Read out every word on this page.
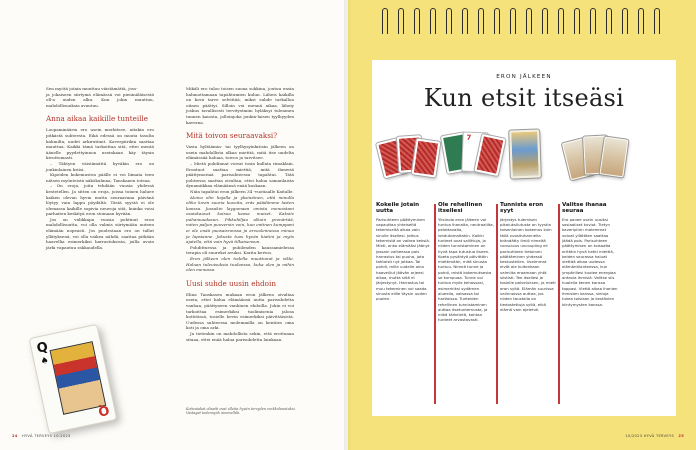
Sen myötä jotain muuttuu väistämättä, joss-

ja jokaiseen siirtymä elämässä voi pieninäläisestä oll-a uuden alku. Kun jokin muuttuu, mahdollisuuksia avautuu.

Anna aikaa kaikille tunteille

Loopaminäärin ero usein merkitsee, aitakin ero pitkästä suhteesta. Eikä edessä on muuta tasulta kahmilta, uudet arkirutiinit. Kaverpiirikin saattaa muuttua. Kaikki tämä tarkoittaa sitä, ettei mentä äänelle pyydettyinnon useinkaan käy täysin kivuttomasti.

– Tähtyen väistämättä hyväkin ero on jonkinlainen kriisi.

Kipeiden kokemusten päälle ei voi liimata teen nätsen myönteistä näkökulmaa, Tanskanen toteaa.

– On eroja, joita tehdään vuosia yhdessä kestetellen. Ja sitten on eroja, joissa toinen haluee kaiken olevan hyvin mutta seuraavana päivänä löytyy vain lappu pöydältä. Tästä syystä ei ole olemassa kaikille sopivia neuvoja sitä, kuinka voisi parhaiten keskityä eron stomaan hyvään.

Jos on valikkapa vuosia pohtinut eron mahdollisuutta, voi olla valmis siirtymään uuteen elämään nopeasti. Jos puolestaan ero on tullut yllätyksenä, voi olla vaikea nähdä, saattaa pitkään haavellia esimerkiksi harrastuksista, joilla avoin järki vapautuu rakkaudella.

Mikäli ero tuloo toisen suona sokkina, joutuu ensin hahmottamaan tapahtumien kulun. Läheis kaikilla on kova tarve selvittää, mikst suhde tarkallon oitaen päättyi. Silloin voi mennä aikaa, läheiy joskus tavallisesti tervitystmiin hyläksyi tulenmen tunnen kaiosta, jolloinjoka jonkin-laisen tyylhyyden kaverna.

Mitä toivon seuraavaksi?

Vasta hyltäämin- tai tyylhysyinkriisin jälkeen on usein mahdollista alkaa miettiä, mitä itse uudelta elämässää haluaa, toivoo ja tarvitsee.

– Mietä pohdinnat voivat tosin kullata rimaklain. Erontuot saattaa miettiä, mitä ihmeriä päättymoriaä parisuhteessa tapahtui. Tätä pohtiessa saattaa oivaltaa, ettei halua samanlaista dynamiikkaa elämäänsä enää koskaan.

Näin tapahtui eron jälkeen 34 -vuotiaalle Kaitalle.

Aloiva olin hajalla ja yksinäinen, että minulla oliko kovin suuria kuvoita, eräs päädämme lasten kanssa. Jossakin laygumaan omista menoistani osaiskauvat koisua kaosa muiset. Kaksiiv puhamuudasun. Pikkuhiljaa alkoin ymmärtää, miten paljon puoversin voin, kun entinen kumppani ei ole enää puosaisronssa ja arvoolennessa minua ja lapsianne. Jokusta tuos hyvän kiatini ja myös ajatella, että voin hyvä tilkaisensun.

Pohdittuessa ja puhilenden kaussamielessa terapia oli suurekzi avuksi. Karita kertoo.

Eron jälkeen olen todella muuttunut ja vikki. Haluan tuleuisuksia tuulanssa, kuka olen ja mihin olen menossa.

Uusi suhde uusin ehdoin

Elina Tanskasen mukaan eron jälkeen oivaltaa usein, ettei halua elämäänsä uutta parisuhdetta vanhan, päättyneen vanhinen ehdoilla. Jokin ei voi tarkoittaa esimerkiksi tuolimisenia jalosa kottiöissä, tosielle hevin esimerkiksi päivittäisistä. Uudessa suhteessa molemmilla on kentiies oma koti ja oma arki.

Ja tietenkin on mahdollista sekin, että erottuaan sitaaa, ettei enää halua parisuhdetta lainkaan.

Q
♠
Q	Kotivaiakat olisatti ovat olleita hyvän tervyden verkkolunatuksi. Vastagat todennyök nimmelldä.
24 HYVÄ TERVEYS 10.2023
ERON JÄLKEEN
Kun etsit itseäsi
7
Kokeile jotain uutta

Parisuhteen päättyminen vapauttaa yhteiseltä tekemiseltä aikaa vain sinulle itsellesi. Jotkus tekemistä on vaikea keksiä. Mieti, onko elämääsi jäänyt jossain vaiheessa pois harrastus tai puuha, jota tahtoisit nyt jatkaa. Tai pohdi, mille uudelle aina haaveillut jäävän arjeesi aikaa, mutta siitä ei järjestynyt. Harrastus tai muu tekeminen voi saada sinusta eiille täysin uuden puolen.

Ole rehellinen itsellesi

Yksinolo eron jälkeen voi tuntua ihanalta, neutraalilta, pelottavalta, lohdutomaltakin. Kaikki tunteet ovat sallittuja, ja niiden tunnistaminen on hyvä tapa tutustua itseen. Koeta pysähtyä päivittäin miettimään, mitä sinusta tuntuu. Nimeä tunne ja pohdi, mistä kokemuksesta se kumpuaa. Tunne voi tuntua myös kehossasi, esimerkiksi sydämen alueella, vatsassa tai hartioissa. Tunteiden rehellinen tunnistaminen auttaa itsetuntemusta, ja mikä tärkeintä, kohtaa tunteet arvostavasti.

Tunnista eron syyt

Järjestys tulemisen pikaiuksilutusta on tyystin toisenlainen kokemus kuin tällä vuosituhannella brändätty ilmiö nimeltä conscious uncoupling eli parisuhteen tietoinen päättäminen yhdessä keskustellen. Useimmat eivät ole kuitenkaan valmiita eroamaan yhtä siististi. Tee itsellesi ja tosielle palveluksen, ja mieti eron syitä. Elämän suurissa valinnoissa auttaa, jos niiden taustalla on tiedostettuja syitä, eikä elämä vain ajelehdi.

Valitse ihanaa seuraa

Ero panee usein uusiksi sosiaaliset kuviot. Tietyn kaveripiirin molemmat voivat yllättäen saattaa jäädä pois. Parisuhteen päättymisen on toisaalta erittäin hyvä hetki miettiä, keiden seurassa haluat viettää aikaa uudessa elämäntilanteessa, kun ympärillesi kuolee energiaa antavia ihmisiä. Valitse siis huolella kenen kanssa toppasi. Viettä aikaa ihanien ihmisten kanssa, sieluja tukea toisiaan ja kestävien kiintymysten kanssa.

10/2023 HYVÄ TERVEYS 25
